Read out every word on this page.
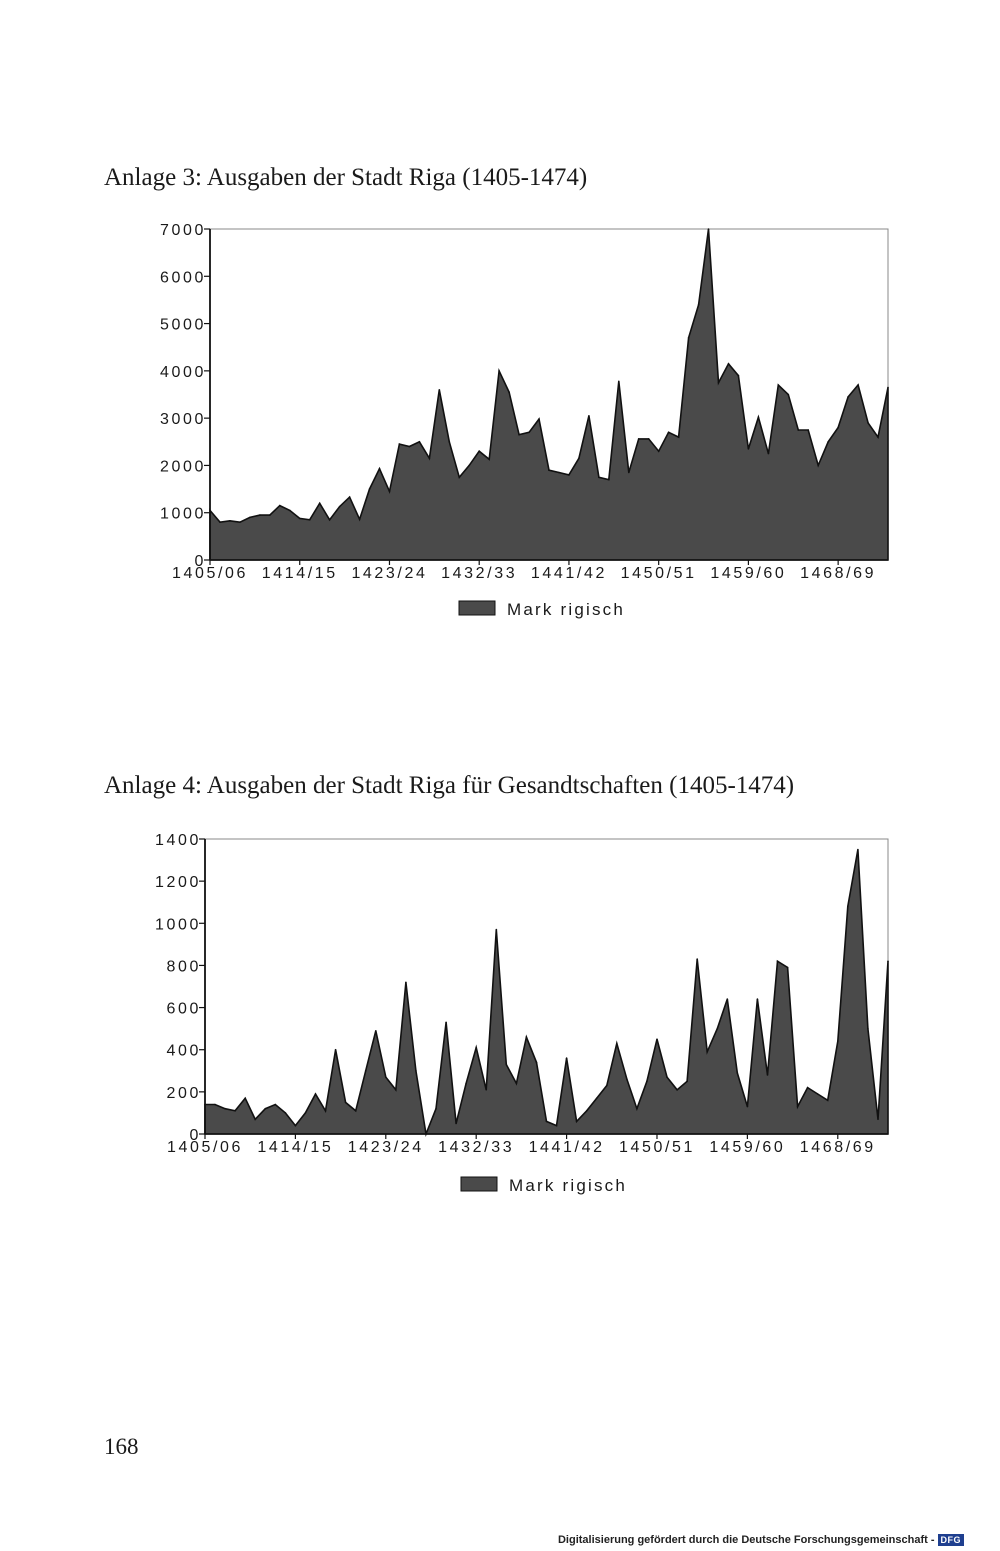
Anlage 3: Ausgaben der Stadt Riga (1405-1474)
0
1000
2000
3000
4000
5000
6000
7000
1405/06 1414/15 1423/24 1432/33 1441/42 1450/51 1459/60 1468/69
Mark rigisch
Anlage 4: Ausgaben der Stadt Riga für Gesandtschaften (1405-1474)
0
200
400
600
800
1000
1200
1400
1405/06 1414/15 1423/24 1432/33 1441/42 1450/51 1459/60 1468/69
Mark rigisch
168
Digitalisierung gefördert durch die Deutsche Forschungsgemeinschaft - DFG
